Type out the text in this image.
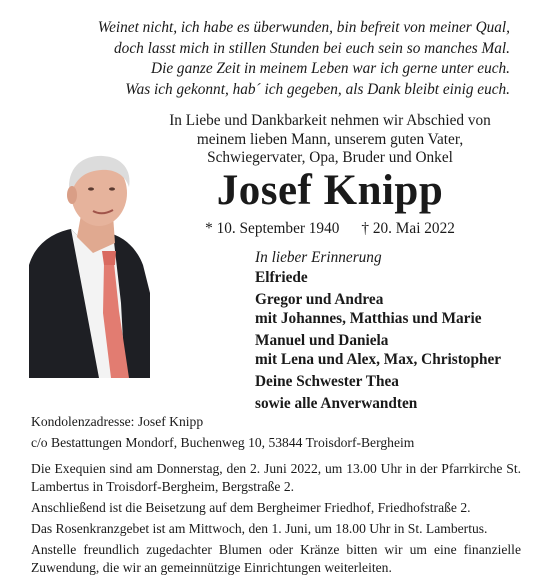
Weinet nicht, ich habe es überwunden, bin befreit von meiner Qual,
doch lasst mich in stillen Stunden bei euch sein so manches Mal.
Die ganze Zeit in meinem Leben war ich gerne unter euch.
Was ich gekonnt, hab´ ich gegeben, als Dank bleibt einig euch.
In Liebe und Dankbarkeit nehmen wir Abschied von
meinem lieben Mann, unserem guten Vater,
Schwiegervater, Opa, Bruder und Onkel
Josef Knipp
* 10. September 1940 † 20. Mai 2022
In lieber Erinnerung
Elfriede
Gregor und Andrea
mit Johannes, Matthias und Marie
Manuel und Daniela
mit Lena und Alex, Max, Christopher
Deine Schwester Thea
sowie alle Anverwandten
Kondolenzadresse: Josef Knipp
c/o Bestattungen Mondorf, Buchenweg 10, 53844 Troisdorf-Bergheim

Die Exequien sind am Donnerstag, den 2. Juni 2022, um 13.00 Uhr in der Pfarrkirche St. Lambertus in Troisdorf-Bergheim, Bergstraße 2.

Anschließend ist die Beisetzung auf dem Bergheimer Friedhof, Friedhofstraße 2.

Das Rosenkranzgebet ist am Mittwoch, den 1. Juni, um 18.00 Uhr in St. Lambertus.

Anstelle freundlich zugedachter Blumen oder Kränze bitten wir um eine finanzielle Zuwendung, die wir an gemeinnützige Einrichtungen weiterleiten.
